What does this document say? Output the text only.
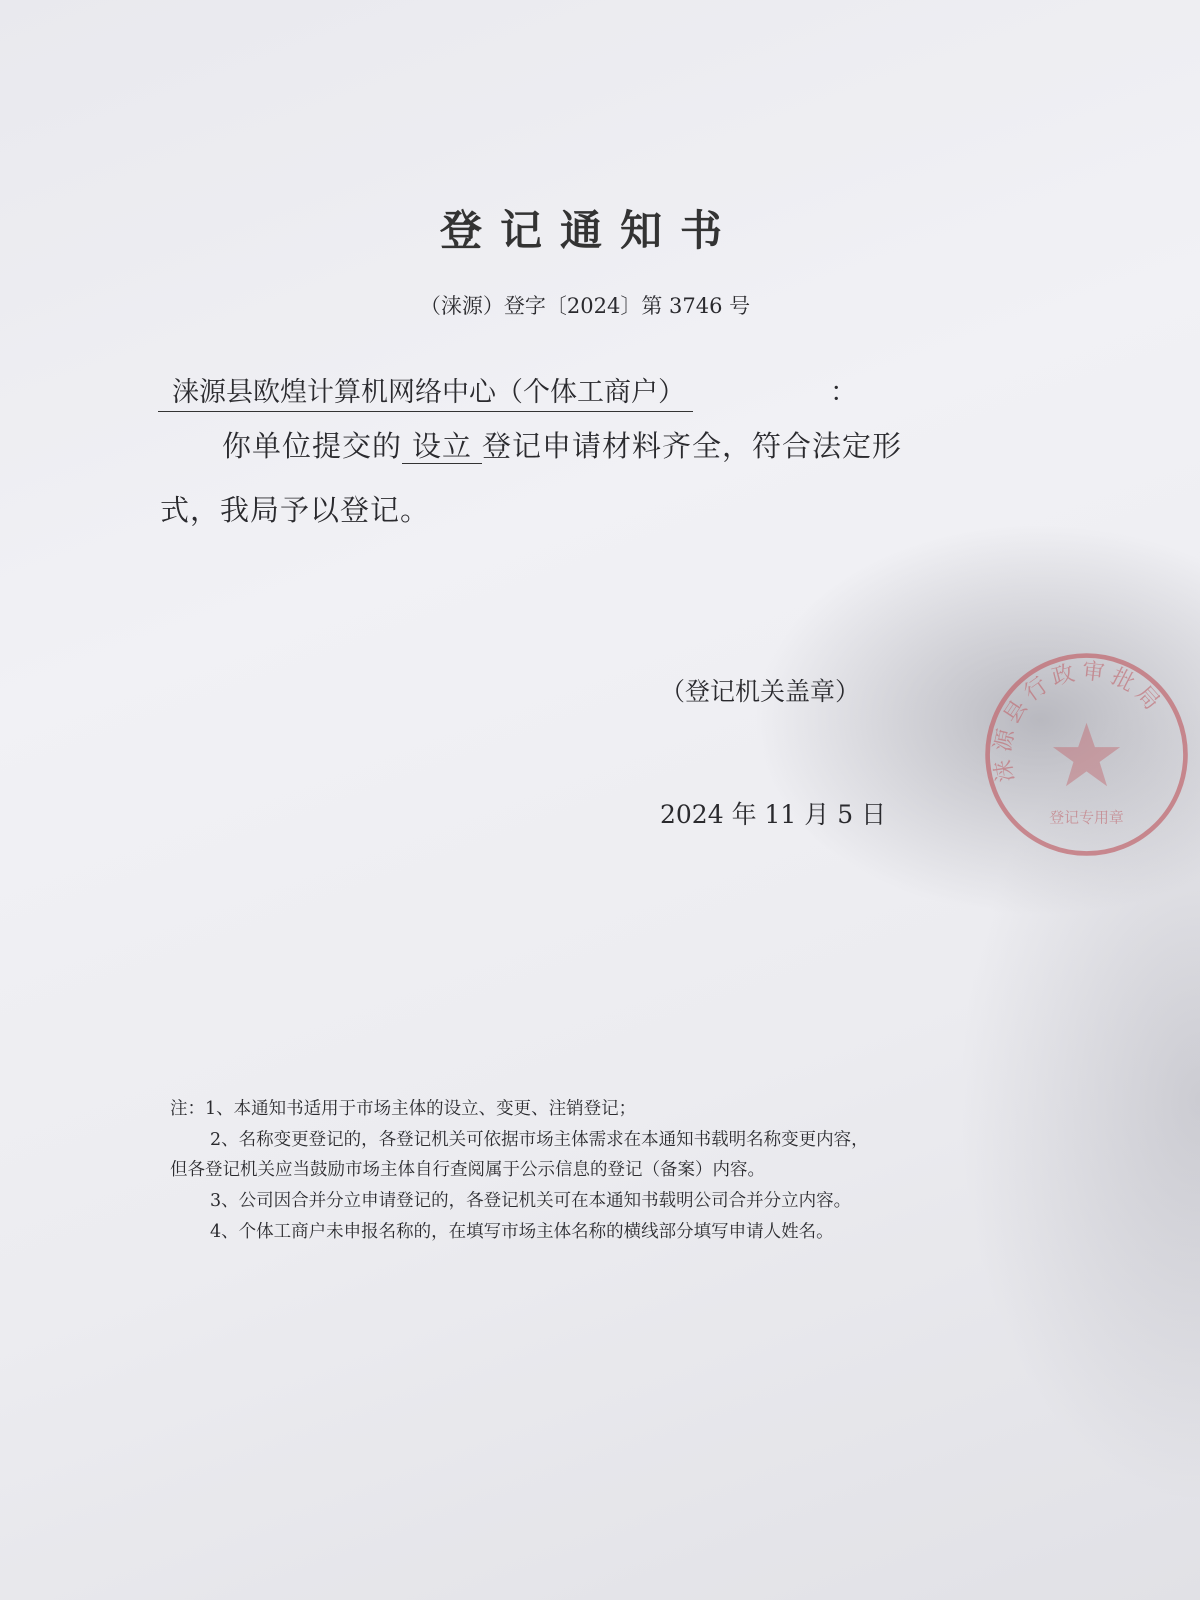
登记通知书
（涞源）登字〔2024〕第 3746 号
涞源县欧煌计算机网络中心（个体工商户）	：
你单位提交的 设立 登记申请材料齐全，符合法定形
式，我局予以登记。
（登记机关盖章）
2024 年 11 月 5 日
涞源县行政审批局
登记专用章
注：1、本通知书适用于市场主体的设立、变更、注销登记；
2、名称变更登记的，各登记机关可依据市场主体需求在本通知书载明名称变更内容，
但各登记机关应当鼓励市场主体自行查阅属于公示信息的登记（备案）内容。
3、公司因合并分立申请登记的，各登记机关可在本通知书载明公司合并分立内容。
4、个体工商户未申报名称的，在填写市场主体名称的横线部分填写申请人姓名。
